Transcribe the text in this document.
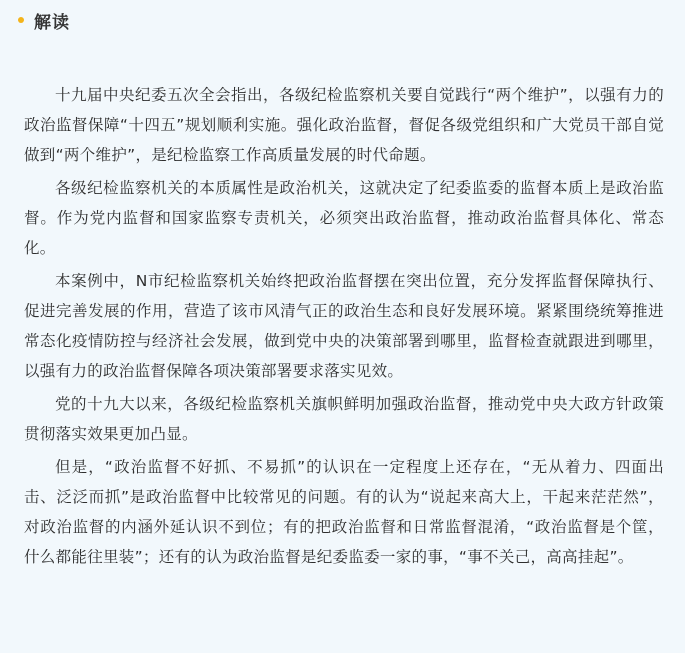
解读

十九届中央纪委五次全会指出，各级纪检监察机关要自觉践行“两个维护”，以强有力的政治监督保障“十四五”规划顺利实施。强化政治监督，督促各级党组织和广大党员干部自觉做到“两个维护”，是纪检监察工作高质量发展的时代命题。

各级纪检监察机关的本质属性是政治机关，这就决定了纪委监委的监督本质上是政治监督。作为党内监督和国家监察专责机关，必须突出政治监督，推动政治监督具体化、常态化。

本案例中，N市纪检监察机关始终把政治监督摆在突出位置，充分发挥监督保障执行、促进完善发展的作用，营造了该市风清气正的政治生态和良好发展环境。紧紧围绕统筹推进常态化疫情防控与经济社会发展，做到党中央的决策部署到哪里，监督检查就跟进到哪里，以强有力的政治监督保障各项决策部署要求落实见效。

党的十九大以来，各级纪检监察机关旗帜鲜明加强政治监督，推动党中央大政方针政策贯彻落实效果更加凸显。

但是，“政治监督不好抓、不易抓”的认识在一定程度上还存在，“无从着力、四面出击、泛泛而抓”是政治监督中比较常见的问题。有的认为“说起来高大上，干起来茫茫然”，对政治监督的内涵外延认识不到位；有的把政治监督和日常监督混淆，“政治监督是个筐，什么都能往里装”；还有的认为政治监督是纪委监委一家的事，“事不关己，高高挂起”。
